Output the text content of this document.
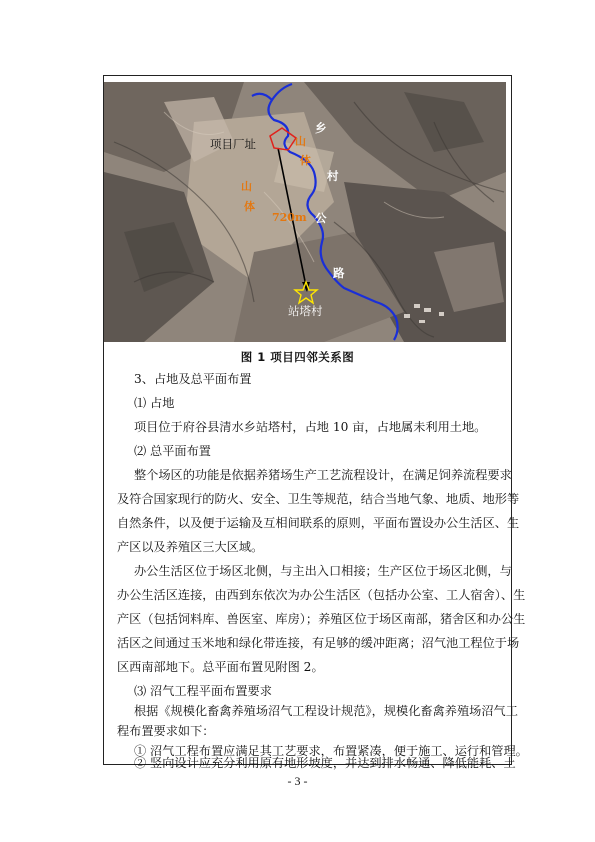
项目厂址	山
体
山
体
720m
乡
村
公
路
站塔村
图 1 项目四邻关系图
3、占地及总平面布置
⑴ 占地
项目位于府谷县清水乡站塔村，占地 10 亩，占地属未利用土地。
⑵ 总平面布置
整个场区的功能是依据养猪场生产工艺流程设计，在满足饲养流程要求
及符合国家现行的防火、安全、卫生等规范，结合当地气象、地质、地形等
自然条件，以及便于运输及互相间联系的原则，平面布置设办公生活区、生
产区以及养殖区三大区域。
办公生活区位于场区北侧，与主出入口相接；生产区位于场区北侧，与
办公生活区连接，由西到东依次为办公生活区（包括办公室、工人宿舍）、生
产区（包括饲料库、兽医室、库房）；养殖区位于场区南部，猪舍区和办公生
活区之间通过玉米地和绿化带连接，有足够的缓冲距离；沼气池工程位于场
区西南部地下。总平面布置见附图 2。
⑶ 沼气工程平面布置要求
根据《规模化畜禽养殖场沼气工程设计规范》，规模化畜禽养殖场沼气工
程布置要求如下：
- 3 -
① 沼气工程布置应满足其工艺要求，布置紧凑，便于施工、运行和管理。
② 竖向设计应充分利用原有地形坡度，并达到排水畅通、降低能耗、土
